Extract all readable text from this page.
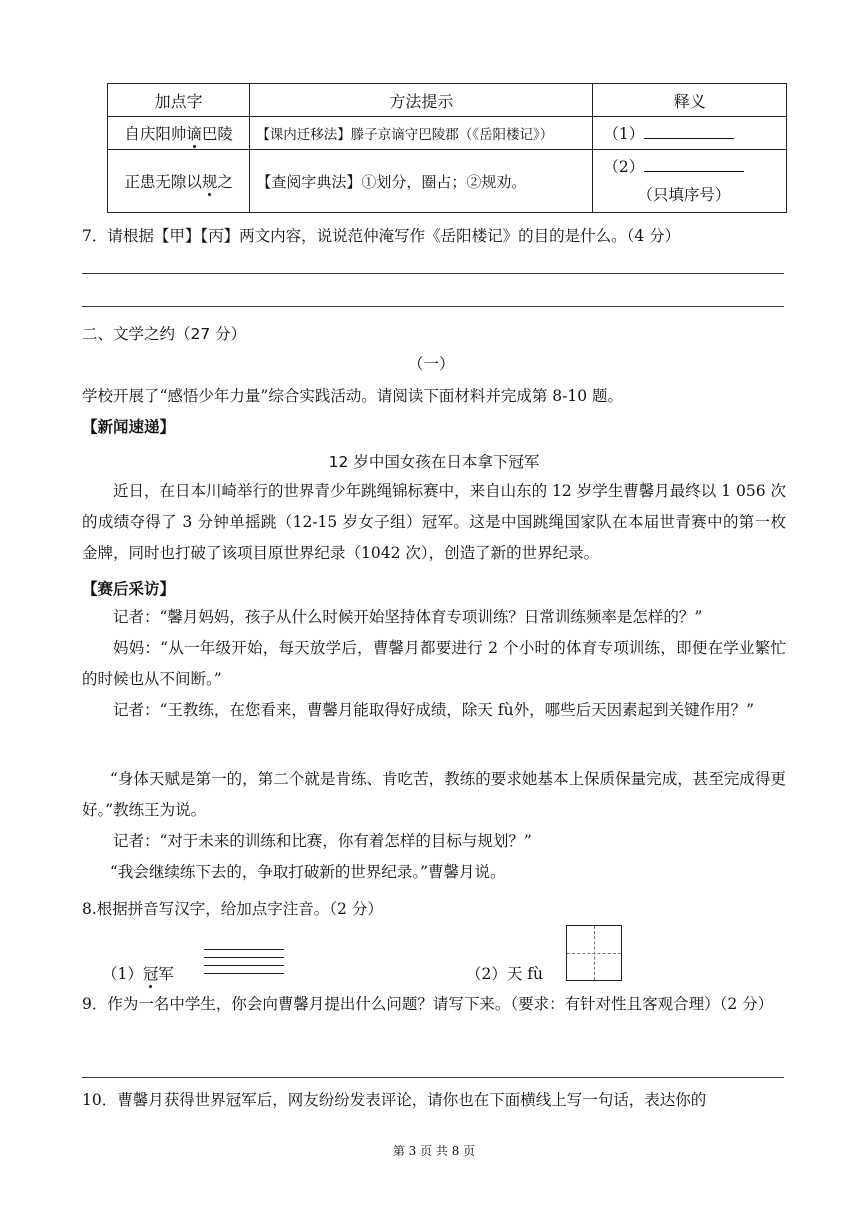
加点字	方法提示	释义
自庆阳帅谪巴陵	【课内迁移法】滕子京谪守巴陵郡（《岳阳楼记》）	（1）
正患无隙以规之	【查阅字典法】①划分，圈占；②规劝。	（2）
（只填序号）
7．请根据【甲】【丙】两文内容，说说范仲淹写作《岳阳楼记》的目的是什么。（4 分）
二、文学之约（27 分）
（一）
学校开展了“感悟少年力量”综合实践活动。请阅读下面材料并完成第 8-10 题。
【新闻速递】
12 岁中国女孩在日本拿下冠军
近日，在日本川崎举行的世界青少年跳绳锦标赛中，来自山东的 12 岁学生曹馨月最终以 1 056 次的成绩夺得了 3 分钟单摇跳（12-15 岁女子组）冠军。这是中国跳绳国家队在本届世青赛中的第一枚金牌，同时也打破了该项目原世界纪录（1042 次），创造了新的世界纪录。
【赛后采访】
记者：“馨月妈妈，孩子从什么时候开始坚持体育专项训练？日常训练频率是怎样的？”
妈妈：“从一年级开始，每天放学后，曹馨月都要进行 2 个小时的体育专项训练，即便在学业繁忙的时候也从不间断。”
记者：“王教练，在您看来，曹馨月能取得好成绩，除天 fù外，哪些后天因素起到关键作用？”
“身体天赋是第一的，第二个就是肯练、肯吃苦，教练的要求她基本上保质保量完成，甚至完成得更好。”教练王为说。
记者：“对于未来的训练和比赛，你有着怎样的目标与规划？”
“我会继续练下去的，争取打破新的世界纪录。”曹馨月说。
8.根据拼音写汉字，给加点字注音。（2 分）
（1）冠军	（2）天 fù
9．作为一名中学生，你会向曹馨月提出什么问题？请写下来。（要求：有针对性且客观合理）（2 分）
10．曹馨月获得世界冠军后，网友纷纷发表评论，请你也在下面横线上写一句话，表达你的
第 3 页 共 8 页
